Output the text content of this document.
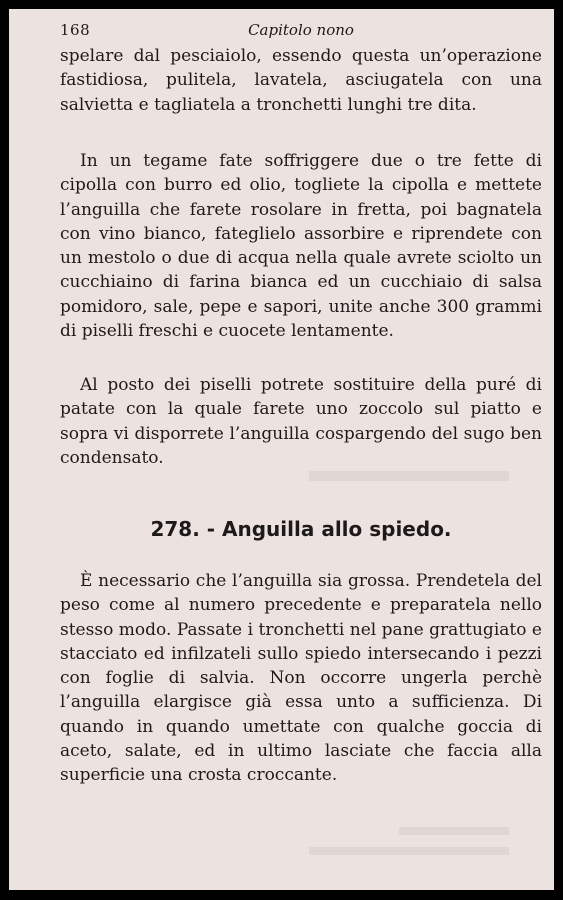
168	Capitolo nono

spelare dal pesciaiolo, essendo questa un’operazione fastidiosa, pulitela, lavatela, asciugatela con una salvietta e tagliatela a tronchetti lunghi tre dita.

In un tegame fate soffriggere due o tre fette di cipolla con burro ed olio, togliete la cipolla e mettete l’anguilla che farete rosolare in fretta, poi bagnatela con vino bianco, fateglielo assorbire e riprendete con un mestolo o due di acqua nella quale avrete sciolto un cucchiaino di farina bianca ed un cucchiaio di salsa pomidoro, sale, pepe e sapori, unite anche 300 grammi di piselli freschi e cuocete lentamente.

Al posto dei piselli potrete sostituire della puré di patate con la quale farete uno zoccolo sul piatto e sopra vi disporrete l’anguilla cospargendo del sugo ben condensato.

278. - Anguilla allo spiedo.

È necessario che l’anguilla sia grossa. Prendetela del peso come al numero precedente e preparatela nello stesso modo. Passate i tronchetti nel pane grattugiato e stacciato ed infilzateli sullo spiedo intersecando i pezzi con foglie di salvia. Non occorre ungerla perchè l’anguilla elargisce già essa unto a sufficienza. Di quando in quando umettate con qualche goccia di aceto, salate, ed in ultimo lasciate che faccia alla superficie una crosta croccante.
